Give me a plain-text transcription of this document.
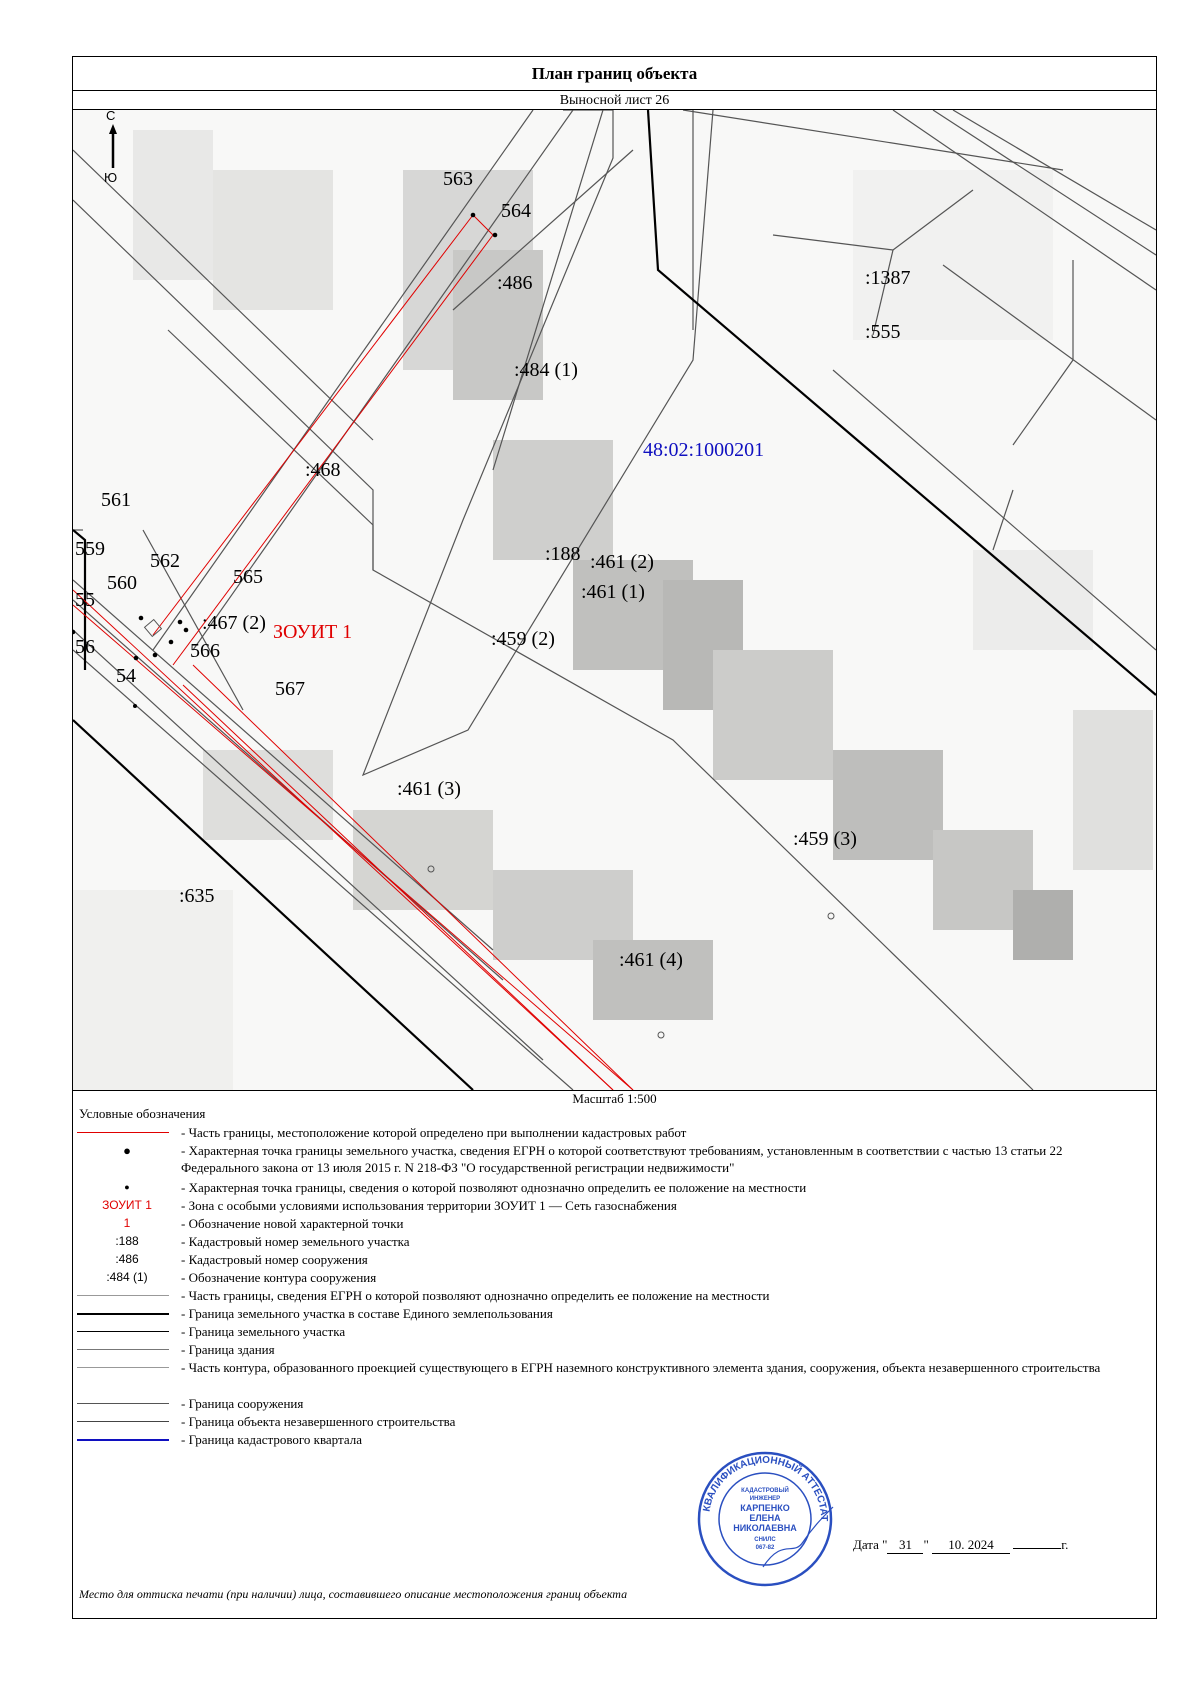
План границ объекта
Выносной лист 26
С
Ю	563
564
:486
:484 (1)
:1387
:555
48:02:1000201
:468
561
559
562	:188 :461 (2)
:461 (1)
565
560
55
:467 (2) ЗОУИТ 1	:459 (2)
56	566
54
567
:461 (3)
:459 (3)
:635
:461 (4)
Масштаб 1:500
Условные обозначения
- Часть границы, местоположение которой определено при выполнении кадастровых работ
●	- Характерная точка границы земельного участка, сведения ЕГРН о которой соответствуют требованиям, установленным в соответствии с частью 13 статьи 22 Федерального закона от 13 июля 2015 г. N 218-ФЗ "О государственной регистрации недвижимости"
●	- Характерная точка границы, сведения о которой позволяют однозначно определить ее положение на местности
ЗОУИТ 1	- Зона с особыми условиями использования территории ЗОУИТ 1 — Сеть газоснабжения
1	- Обозначение новой характерной точки
:188	- Кадастровый номер земельного участка
:486	- Кадастровый номер сооружения
:484 (1)	- Обозначение контура сооружения
- Часть границы, сведения ЕГРН о которой позволяют однозначно определить ее положение на местности
- Граница земельного участка в составе Единого землепользования
- Граница земельного участка
- Граница здания
- Часть контура, образованного проекцией существующего в ЕГРН наземного конструктивного элемента здания, сооружения, объекта незавершенного строительства
- Граница сооружения
- Граница объекта незавершенного строительства
- Граница кадастрового квартала
КВАЛИФИКАЦИОННЫЙ АТТЕСТАТ
КАДАСТРОВЫЙ
ИНЖЕНЕР
КАРПЕНКО
ЕЛЕНА
НИКОЛАЕВНА
СНИЛС
067-82	Дата " 31 " 10. 2024	г.
Место для оттиска печати (при наличии) лица, составившего описание местоположения границ объекта
